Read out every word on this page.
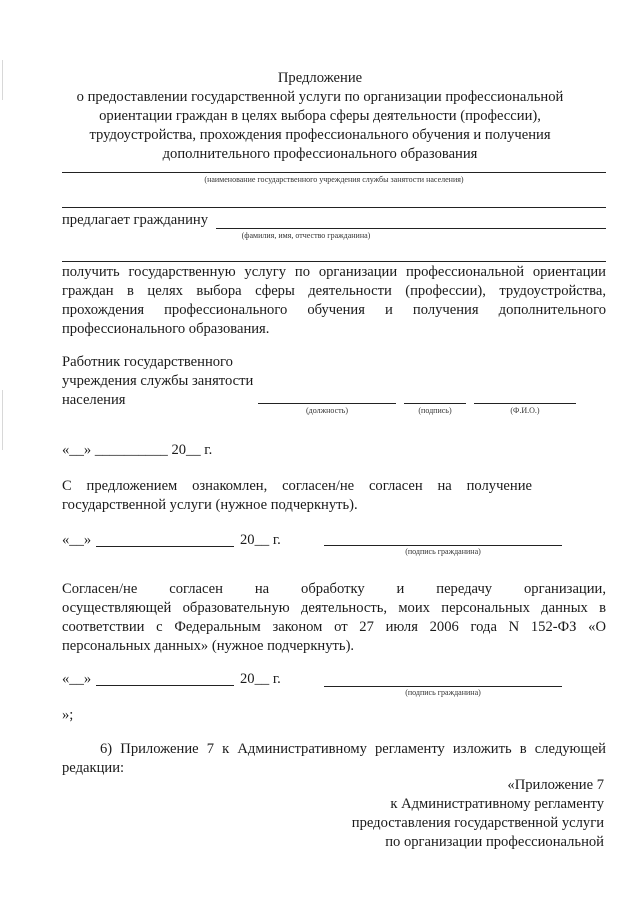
Предложение
о предоставлении государственной услуги по организации профессиональной
ориентации граждан в целях выбора сферы деятельности (профессии),
трудоустройства, прохождения профессионального обучения и получения
дополнительного профессионального образования
(наименование государственного учреждения службы занятости населения)
предлагает гражданину
(фамилия, имя, отчество гражданина)
получить государственную услугу по организации профессиональной ориентации
граждан в целях выбора сферы деятельности (профессии), трудоустройства,
прохождения профессионального обучения и получения дополнительного
профессионального образования.
Работник государственного
учреждения службы занятости
населения
(должность)	(подпись)	(Ф.И.О.)
«__» __________ 20__ г.
С предложением ознакомлен, согласен/не согласен на получение
государственной услуги (нужное подчеркнуть).
«__»	20__ г.
(подпись гражданина)
Согласен/не согласен на обработку и передачу организации,
осуществляющей образовательную деятельность, моих персональных данных в
соответствии с Федеральным законом от 27 июля 2006 года N 152-ФЗ «О
персональных данных» (нужное подчеркнуть).
«__»	20__ г.
(подпись гражданина)
»;
6) Приложение 7 к Административному регламенту изложить в следующей
редакции:
«Приложение 7
к Административному регламенту
предоставления государственной услуги
по организации профессиональной
